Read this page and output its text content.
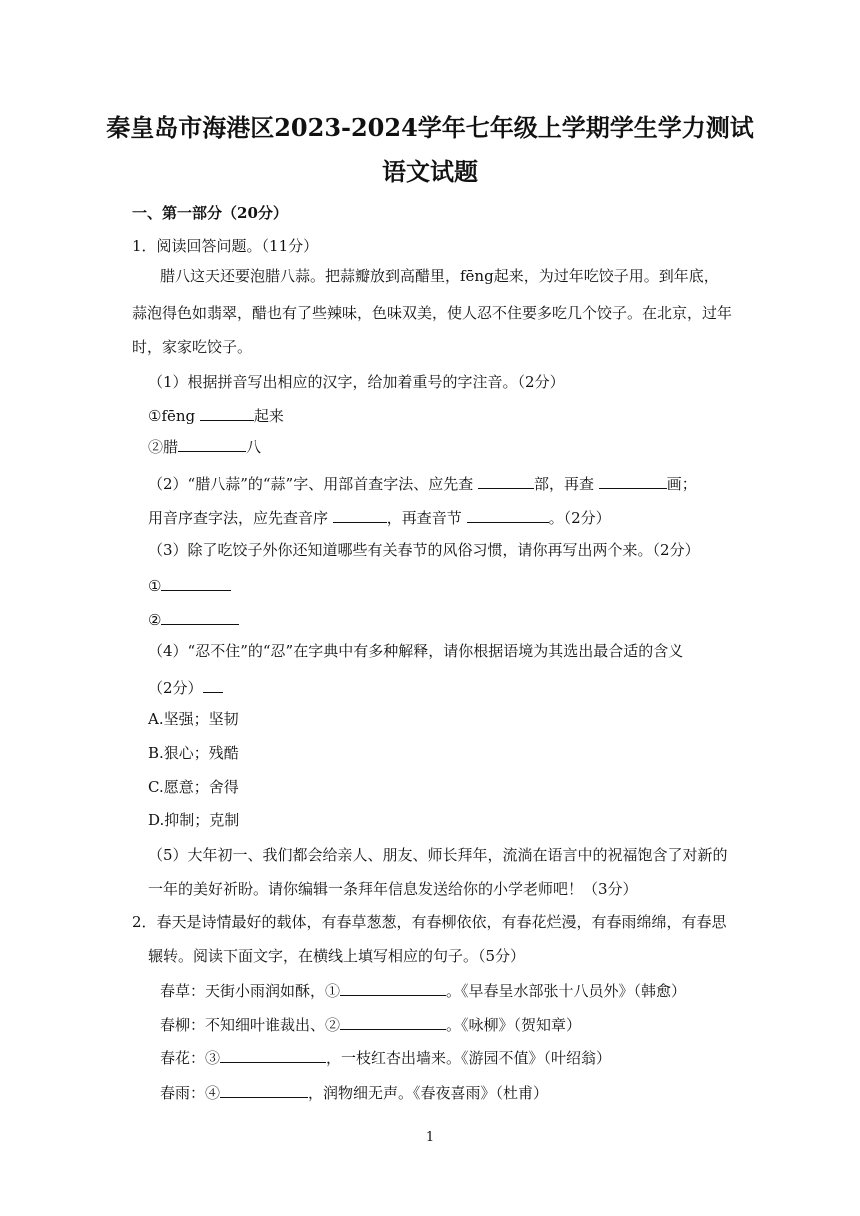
秦皇岛市海港区2023-2024学年七年级上学期学生学力测试
语文试题
一、第一部分（20分）
1．阅读回答问题。（11分）
腊八这天还要泡腊八蒜。把蒜瓣放到高醋里，fēng起来，为过年吃饺子用。到年底，
蒜泡得色如翡翠，醋也有了些辣味，色味双美，使人忍不住要多吃几个饺子。在北京，过年
时，家家吃饺子。
（1）根据拼音写出相应的汉字，给加着重号的字注音。（2分）
①fēng	起来
②腊	八
（2）“腊八蒜”的“蒜”字、用部首查字法、应先查	部，再查	画；
用音序查字法，应先查音序	，再查音节	。（2分）
（3）除了吃饺子外你还知道哪些有关春节的风俗习惯，请你再写出两个来。（2分）
①
②
（4）“忍不住”的“忍”在字典中有多种解释，请你根据语境为其选出最合适的含义
（2分）
A.坚强；坚韧
B.狠心；残酷
C.愿意；舍得
D.抑制；克制
（5）大年初一、我们都会给亲人、朋友、师长拜年，流淌在语言中的祝福饱含了对新的
一年的美好祈盼。请你编辑一条拜年信息发送给你的小学老师吧！（3分）
2．春天是诗情最好的载体，有春草葱葱，有春柳依依，有春花烂漫，有春雨绵绵，有春思
辗转。阅读下面文字，在横线上填写相应的句子。（5分）
春草：天街小雨润如酥，①	。《早春呈水部张十八员外》（韩愈）
春柳：不知细叶谁裁出、②	。《咏柳》（贺知章）
春花：③	，一枝红杏出墙来。《游园不值》（叶绍翁）
春雨：④	，润物细无声。《春夜喜雨》（杜甫）
1
